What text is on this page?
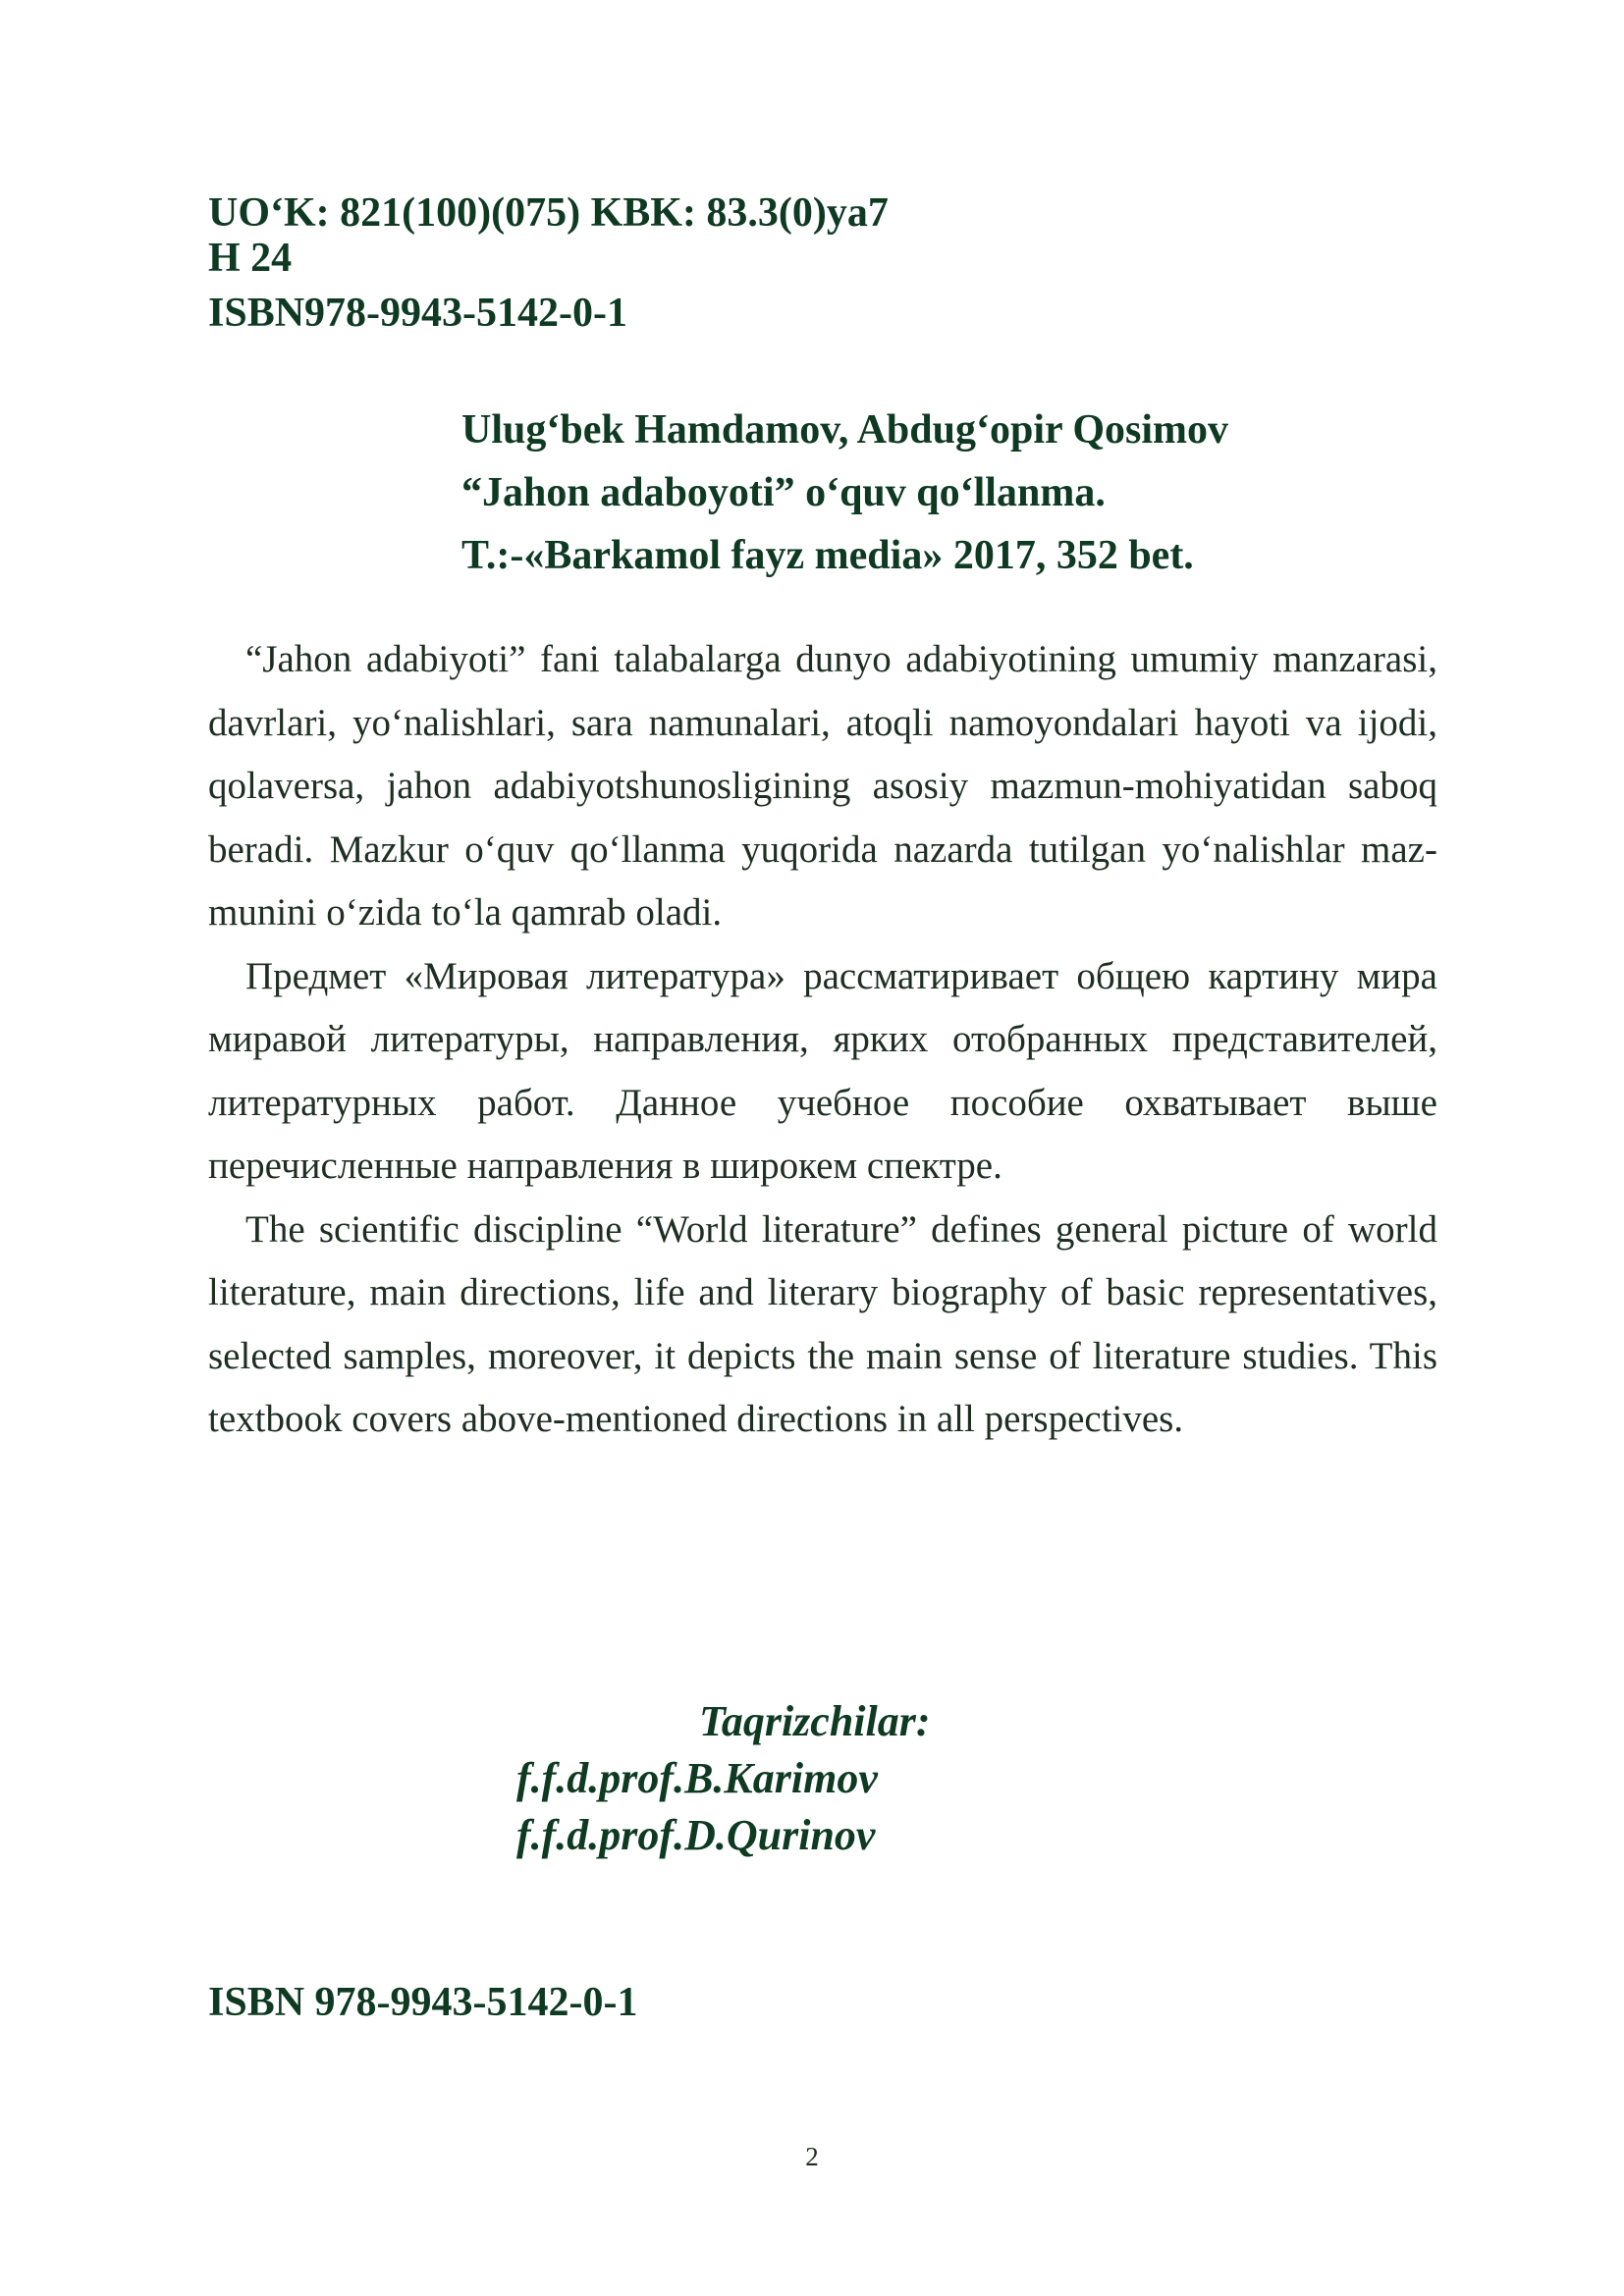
UO‘K: 821(100)(075) KBK: 83.3(0)ya7
H 24
ISBN978-9943-5142-0-1
Ulug‘bek Hamdamov, Abdug‘opir Qosimov
“Jahon adaboyoti” o‘quv qo‘llanma.
T.:-«Barkamol fayz media» 2017, 352 bet.

“Jahon adabiyoti” fani talabalarga dunyo adabiyotining umumiy manzarasi, davrlari, yo‘nalishlari, sara namunalari, atoqli namoyondalari hayoti va ijodi, qolaversa, jahon adabiyotshunosligining asosiy mazmun-mohiyatidan saboq beradi. Mazkur o‘quv qo‘llanma yuqorida nazarda tutilgan yo‘nalishlar mazmunini o‘zida to‘la qamrab oladi.

Предмет «Мировая литература» рассматиривает общею картину мира миравой литературы, направления, ярких отобранных представителей, литературных работ. Данное учебное пособие охватывает выше перечисленные направления в широкем спектре.

The scientific discipline “World literature” defines general picture of world literature, main directions, life and literary biography of basic representatives, selected samples, moreover, it depicts the main sense of literature studies. This textbook covers above-mentioned directions in all perspectives.

Taqrizchilar:
f.f.d.prof.B.Karimov
f.f.d.prof.D.Qurinov
ISBN 978-9943-5142-0-1
2
